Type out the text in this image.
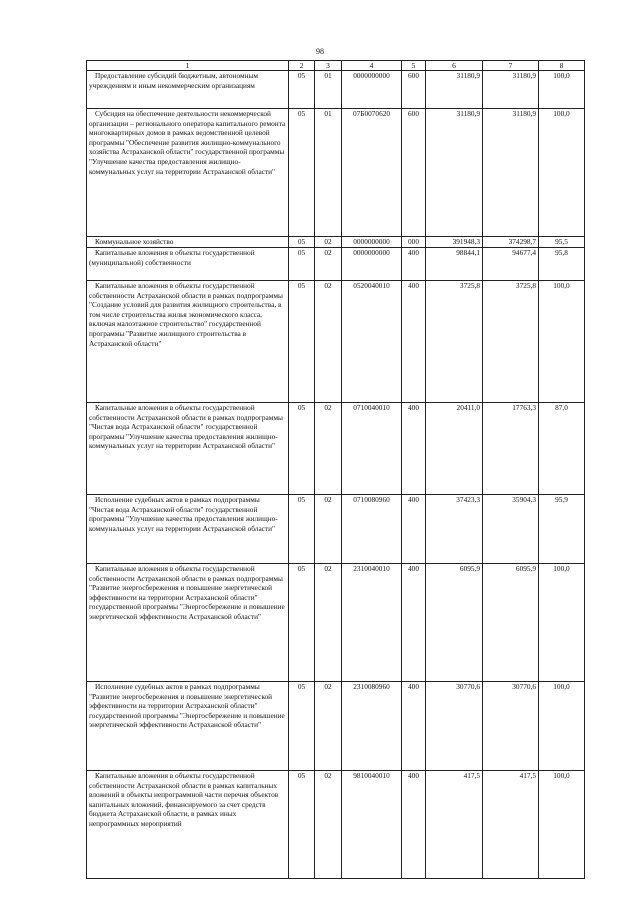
98
1	2	3	4	5	6	7	8
Предоставление субсидий бюджетным, автономным учреждениям и иным некоммерческим организациям	05	01	0000000000	600	31180,9	31180,9	100,0
Субсидия на обеспечение деятельности некоммерческой организации – регионального оператора капитального ремонта многоквартирных домов в рамках ведомственной целевой программы "Обеспечение развития жилищно-коммунального хозяйства Астраханской области" государственной программы "Улучшение качества предоставления жилищно-коммунальных услуг на территории Астраханской области"	05	01	07Б0070620	600	31180,9	31180,9	100,0
Коммунальное хозяйство	05	02	0000000000	000	391948,3	374298,7	95,5
Капитальные вложения в объекты государственной (муниципальной) собственности	05	02	0000000000	400	98844,1	94677,4	95,8
Капитальные вложения в объекты государственной собственности Астраханской области в рамках подпрограммы "Создание условий для развития жилищного строительства, в том числе строительства жилья экономического класса, включая малоэтажное строительство" государственной программы "Развитие жилищного строительства в Астраханской области"	05	02	0520040010	400	3725,8	3725,8	100,0
Капитальные вложения в объекты государственной собственности Астраханской области в рамках подпрограммы "Чистая вода Астраханской области" государственной программы "Улучшение качества предоставления жилищно-коммунальных услуг на территории Астраханской области"	05	02	0710040010	400	20411,0	17763,3	87,0
Исполнение судебных актов в рамках подпрограммы "Чистая вода Астраханской области" государственной программы "Улучшение качества предоставления жилищно-коммунальных услуг на территории Астраханской области"	05	02	0710080960	400	37423,3	35904,3	95,9
Капитальные вложения в объекты государственной собственности Астраханской области в рамках подпрограммы "Развитие энергосбережения и повышение энергетической эффективности на территории Астраханской области" государственной программы "Энергосбережение и повышение энергетической эффективности Астраханской области"	05	02	2310040010	400	6095,9	6095,9	100,0
Исполнение судебных актов в рамках подпрограммы "Развитие энергосбережения и повышение энергетической эффективности на территории Астраханской области" государственной программы "Энергосбережение и повышение энергетической эффективности Астраханской области"	05	02	2310080960	400	30770,6	30770,6	100,0
Капитальные вложения в объекты государственной собственности Астраханской области в рамках капитальных вложений в объекты непрограммной части перечня объектов капитальных вложений, финансируемого за счет средств бюджета Астраханской области, в рамках иных непрограммных мероприятий	05	02	9810040010	400	417,5	417,5	100,0
